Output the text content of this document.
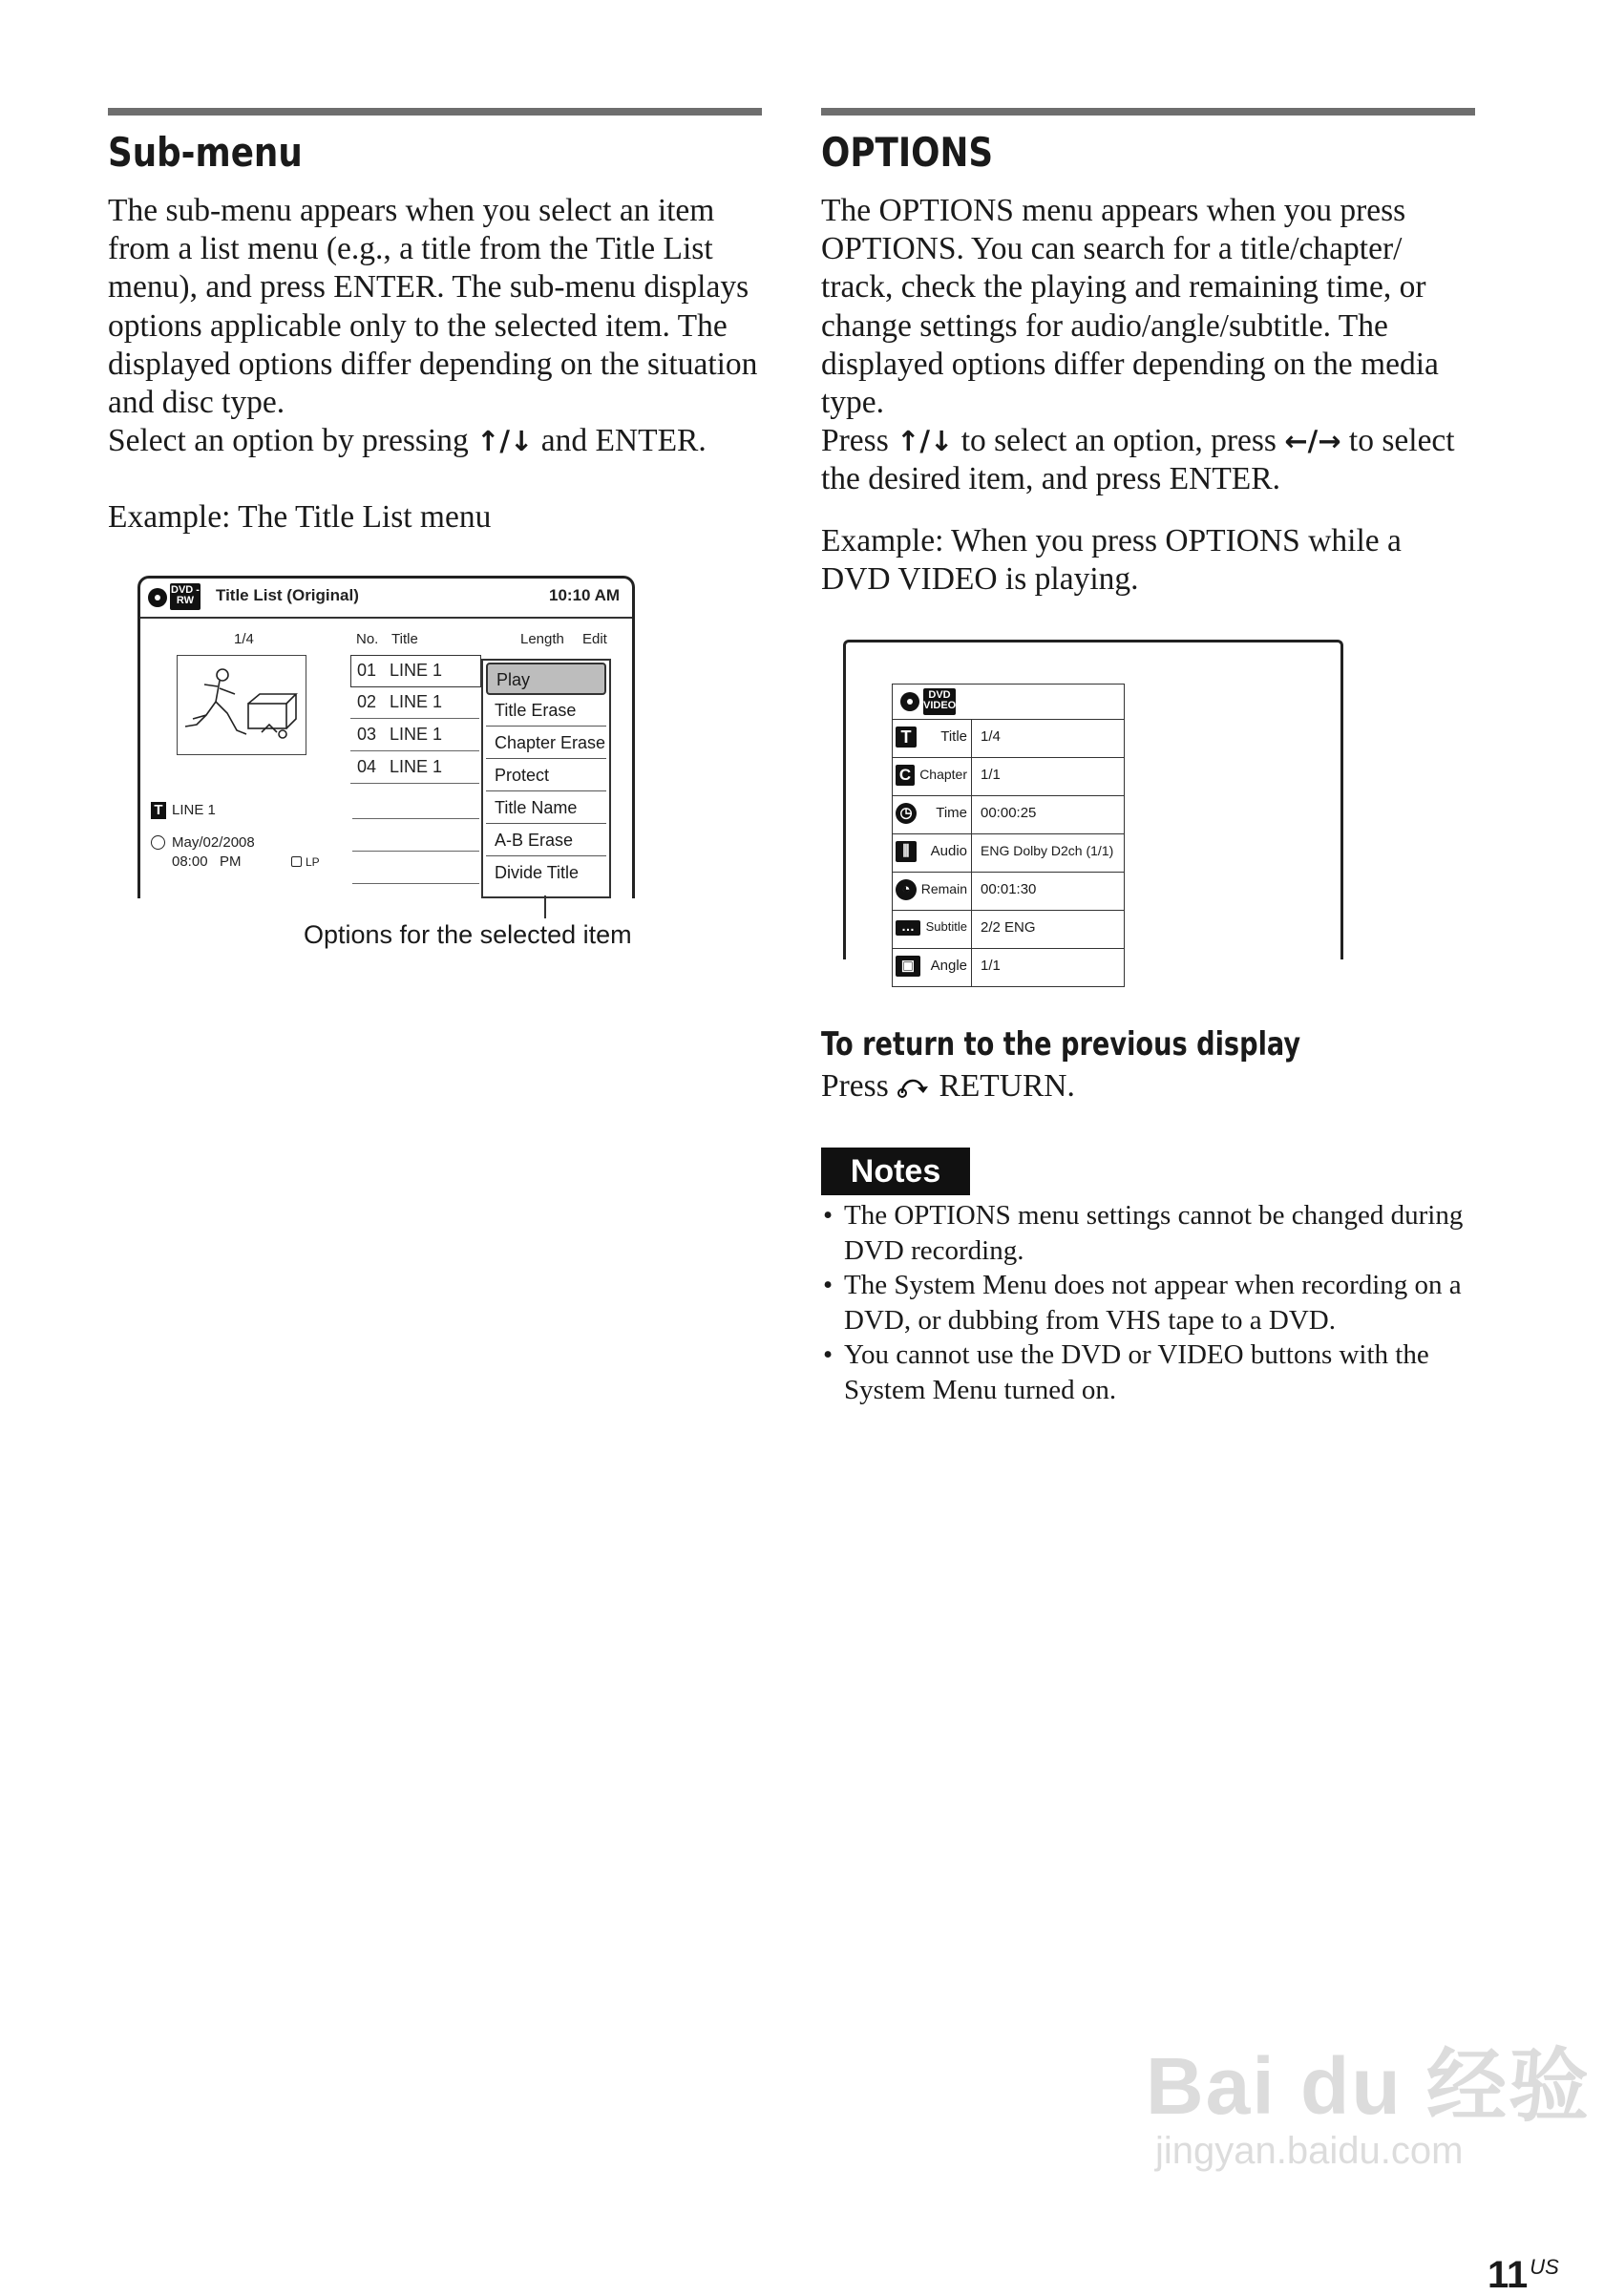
Sub-menu

The sub-menu appears when you select an item from a list menu (e.g., a title from the Title List menu), and press ENTER. The sub-menu displays options applicable only to the selected item. The displayed options differ depending on the situation and disc type.

Select an option by pressing ↑/↓ and ENTER.

Example: The Title List menu

DVD -RW	Title List (Original)	10:10 AM
1/4	No. Title	Length Edit
01 LINE 1
02 LINE 1
03 LINE 1
04 LINE 1
T LINE 1
May/02/2008
08:00   PM	LP
Play
Title Erase
Chapter Erase
Protect
Title Name
A-B Erase
Divide Title
Options for the selected item
OPTIONS

The OPTIONS menu appears when you press OPTIONS. You can search for a title/chapter/ track, check the playing and remaining time, or change settings for audio/angle/subtitle. The displayed options differ depending on the media type.

Press ↑/↓ to select an option, press ←/→ to select the desired item, and press ENTER.

Example: When you press OPTIONS while a DVD VIDEO is playing.

DVD VIDEO
T	Title 1/4
C Chapter 1/1
◷ Time 00:00:25
⫼	Audio ENG Dolby D2ch (1/1)
◔ Remain 00:01:30
… Subtitle 2/2 ENG
▣	Angle 1/1
To return to the previous display
Press  RETURN.
Notes
• The OPTIONS menu settings cannot be changed during DVD recording.
• The System Menu does not appear when recording on a DVD, or dubbing from VHS tape to a DVD.
• You cannot use the DVD or VIDEO buttons with the System Menu turned on.
Bai du 经验
jingyan.baidu.com
$11^{US}$
